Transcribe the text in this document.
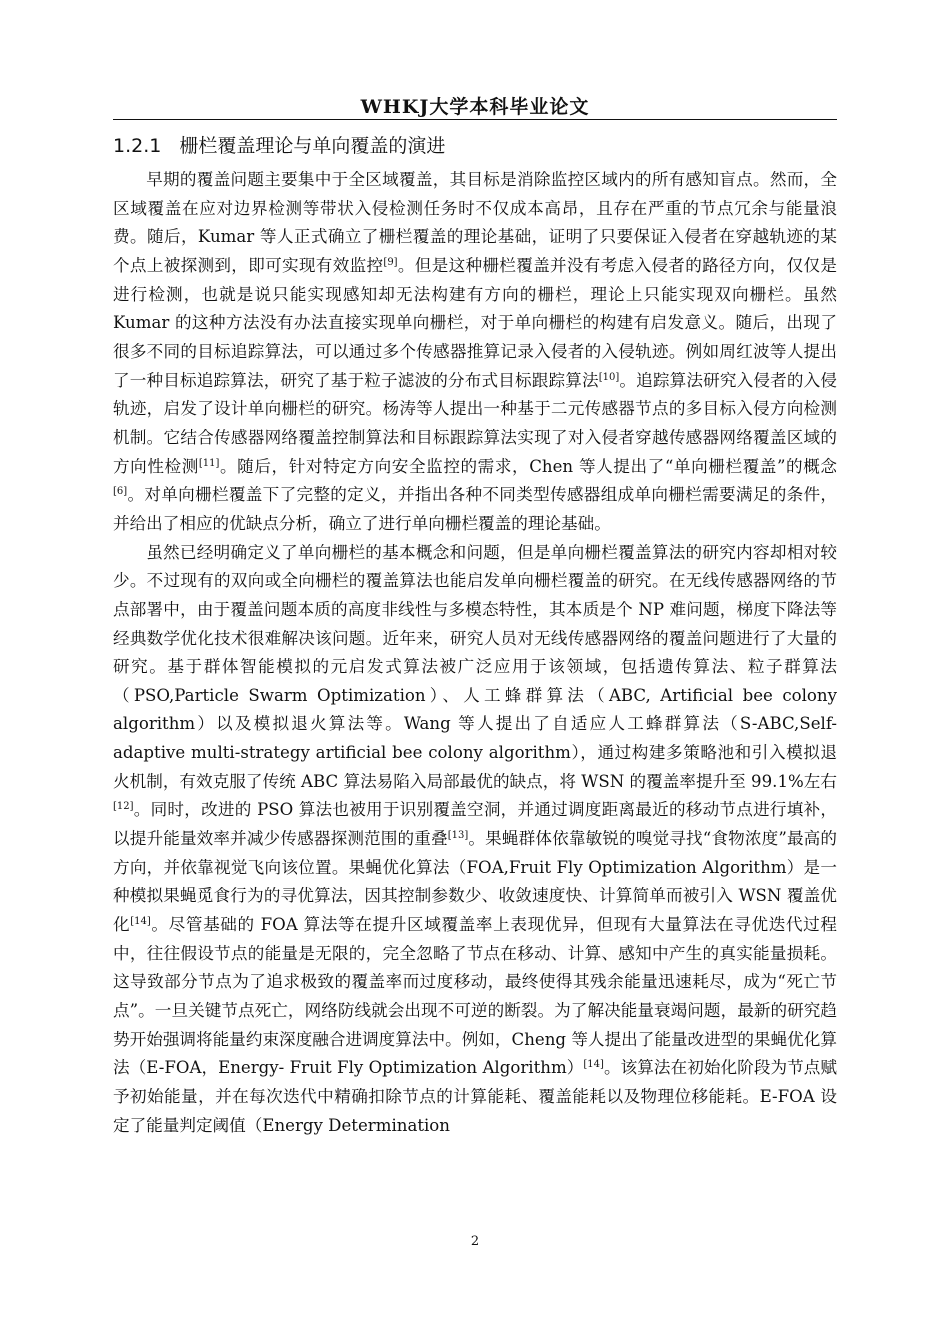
WHKJ大学本科毕业论文
1.2.1 栅栏覆盖理论与单向覆盖的演进

早期的覆盖问题主要集中于全区域覆盖，其目标是消除监控区域内的所有感知盲点。然而，全区域覆盖在应对边界检测等带状入侵检测任务时不仅成本高昂，且存在严重的节点冗余与能量浪费。随后，Kumar 等人正式确立了栅栏覆盖的理论基础，证明了只要保证入侵者在穿越轨迹的某个点上被探测到，即可实现有效监控[9]。但是这种栅栏覆盖并没有考虑入侵者的路径方向，仅仅是进行检测，也就是说只能实现感知却无法构建有方向的栅栏，理论上只能实现双向栅栏。虽然 Kumar 的这种方法没有办法直接实现单向栅栏，对于单向栅栏的构建有启发意义。随后，出现了很多不同的目标追踪算法，可以通过多个传感器推算记录入侵者的入侵轨迹。例如周红波等人提出了一种目标追踪算法，研究了基于粒子滤波的分布式目标跟踪算法[10]。追踪算法研究入侵者的入侵轨迹，启发了设计单向栅栏的研究。杨涛等人提出一种基于二元传感器节点的多目标入侵方向检测机制。它结合传感器网络覆盖控制算法和目标跟踪算法实现了对入侵者穿越传感器网络覆盖区域的方向性检测[11]。随后，针对特定方向安全监控的需求，Chen 等人提出了“单向栅栏覆盖”的概念[6]。对单向栅栏覆盖下了完整的定义，并指出各种不同类型传感器组成单向栅栏需要满足的条件，并给出了相应的优缺点分析，确立了进行单向栅栏覆盖的理论基础。

虽然已经明确定义了单向栅栏的基本概念和问题，但是单向栅栏覆盖算法的研究内容却相对较少。不过现有的双向或全向栅栏的覆盖算法也能启发单向栅栏覆盖的研究。在无线传感器网络的节点部署中，由于覆盖问题本质的高度非线性与多模态特性，其本质是个 NP 难问题，梯度下降法等经典数学优化技术很难解决该问题。近年来，研究人员对无线传感器网络的覆盖问题进行了大量的研究。基于群体智能模拟的元启发式算法被广泛应用于该领域，包括遗传算法、粒子群算法（PSO,Particle Swarm Optimization）、人工蜂群算法（ABC, Artificial bee colony algorithm）以及模拟退火算法等。Wang 等人提出了自适应人工蜂群算法（S-ABC,Self-adaptive multi-strategy artificial bee colony algorithm），通过构建多策略池和引入模拟退火机制，有效克服了传统 ABC 算法易陷入局部最优的缺点，将 WSN 的覆盖率提升至 99.1%左右[12]。同时，改进的 PSO 算法也被用于识别覆盖空洞，并通过调度距离最近的移动节点进行填补，以提升能量效率并减少传感器探测范围的重叠[13]。果蝇群体依靠敏锐的嗅觉寻找“食物浓度”最高的方向，并依靠视觉飞向该位置。果蝇优化算法（FOA,Fruit Fly Optimization Algorithm）是一种模拟果蝇觅食行为的寻优算法，因其控制参数少、收敛速度快、计算简单而被引入 WSN 覆盖优化[14]。尽管基础的 FOA 算法等在提升区域覆盖率上表现优异，但现有大量算法在寻优迭代过程中，往往假设节点的能量是无限的，完全忽略了节点在移动、计算、感知中产生的真实能量损耗。这导致部分节点为了追求极致的覆盖率而过度移动，最终使得其残余能量迅速耗尽，成为“死亡节点”。一旦关键节点死亡，网络防线就会出现不可逆的断裂。为了解决能量衰竭问题，最新的研究趋势开始强调将能量约束深度融合进调度算法中。例如，Cheng 等人提出了能量改进型的果蝇优化算法（E-FOA，Energy- Fruit Fly Optimization Algorithm）[14]。该算法在初始化阶段为节点赋予初始能量，并在每次迭代中精确扣除节点的计算能耗、覆盖能耗以及物理位移能耗。E-FOA 设定了能量判定阈值（Energy Determination

2
